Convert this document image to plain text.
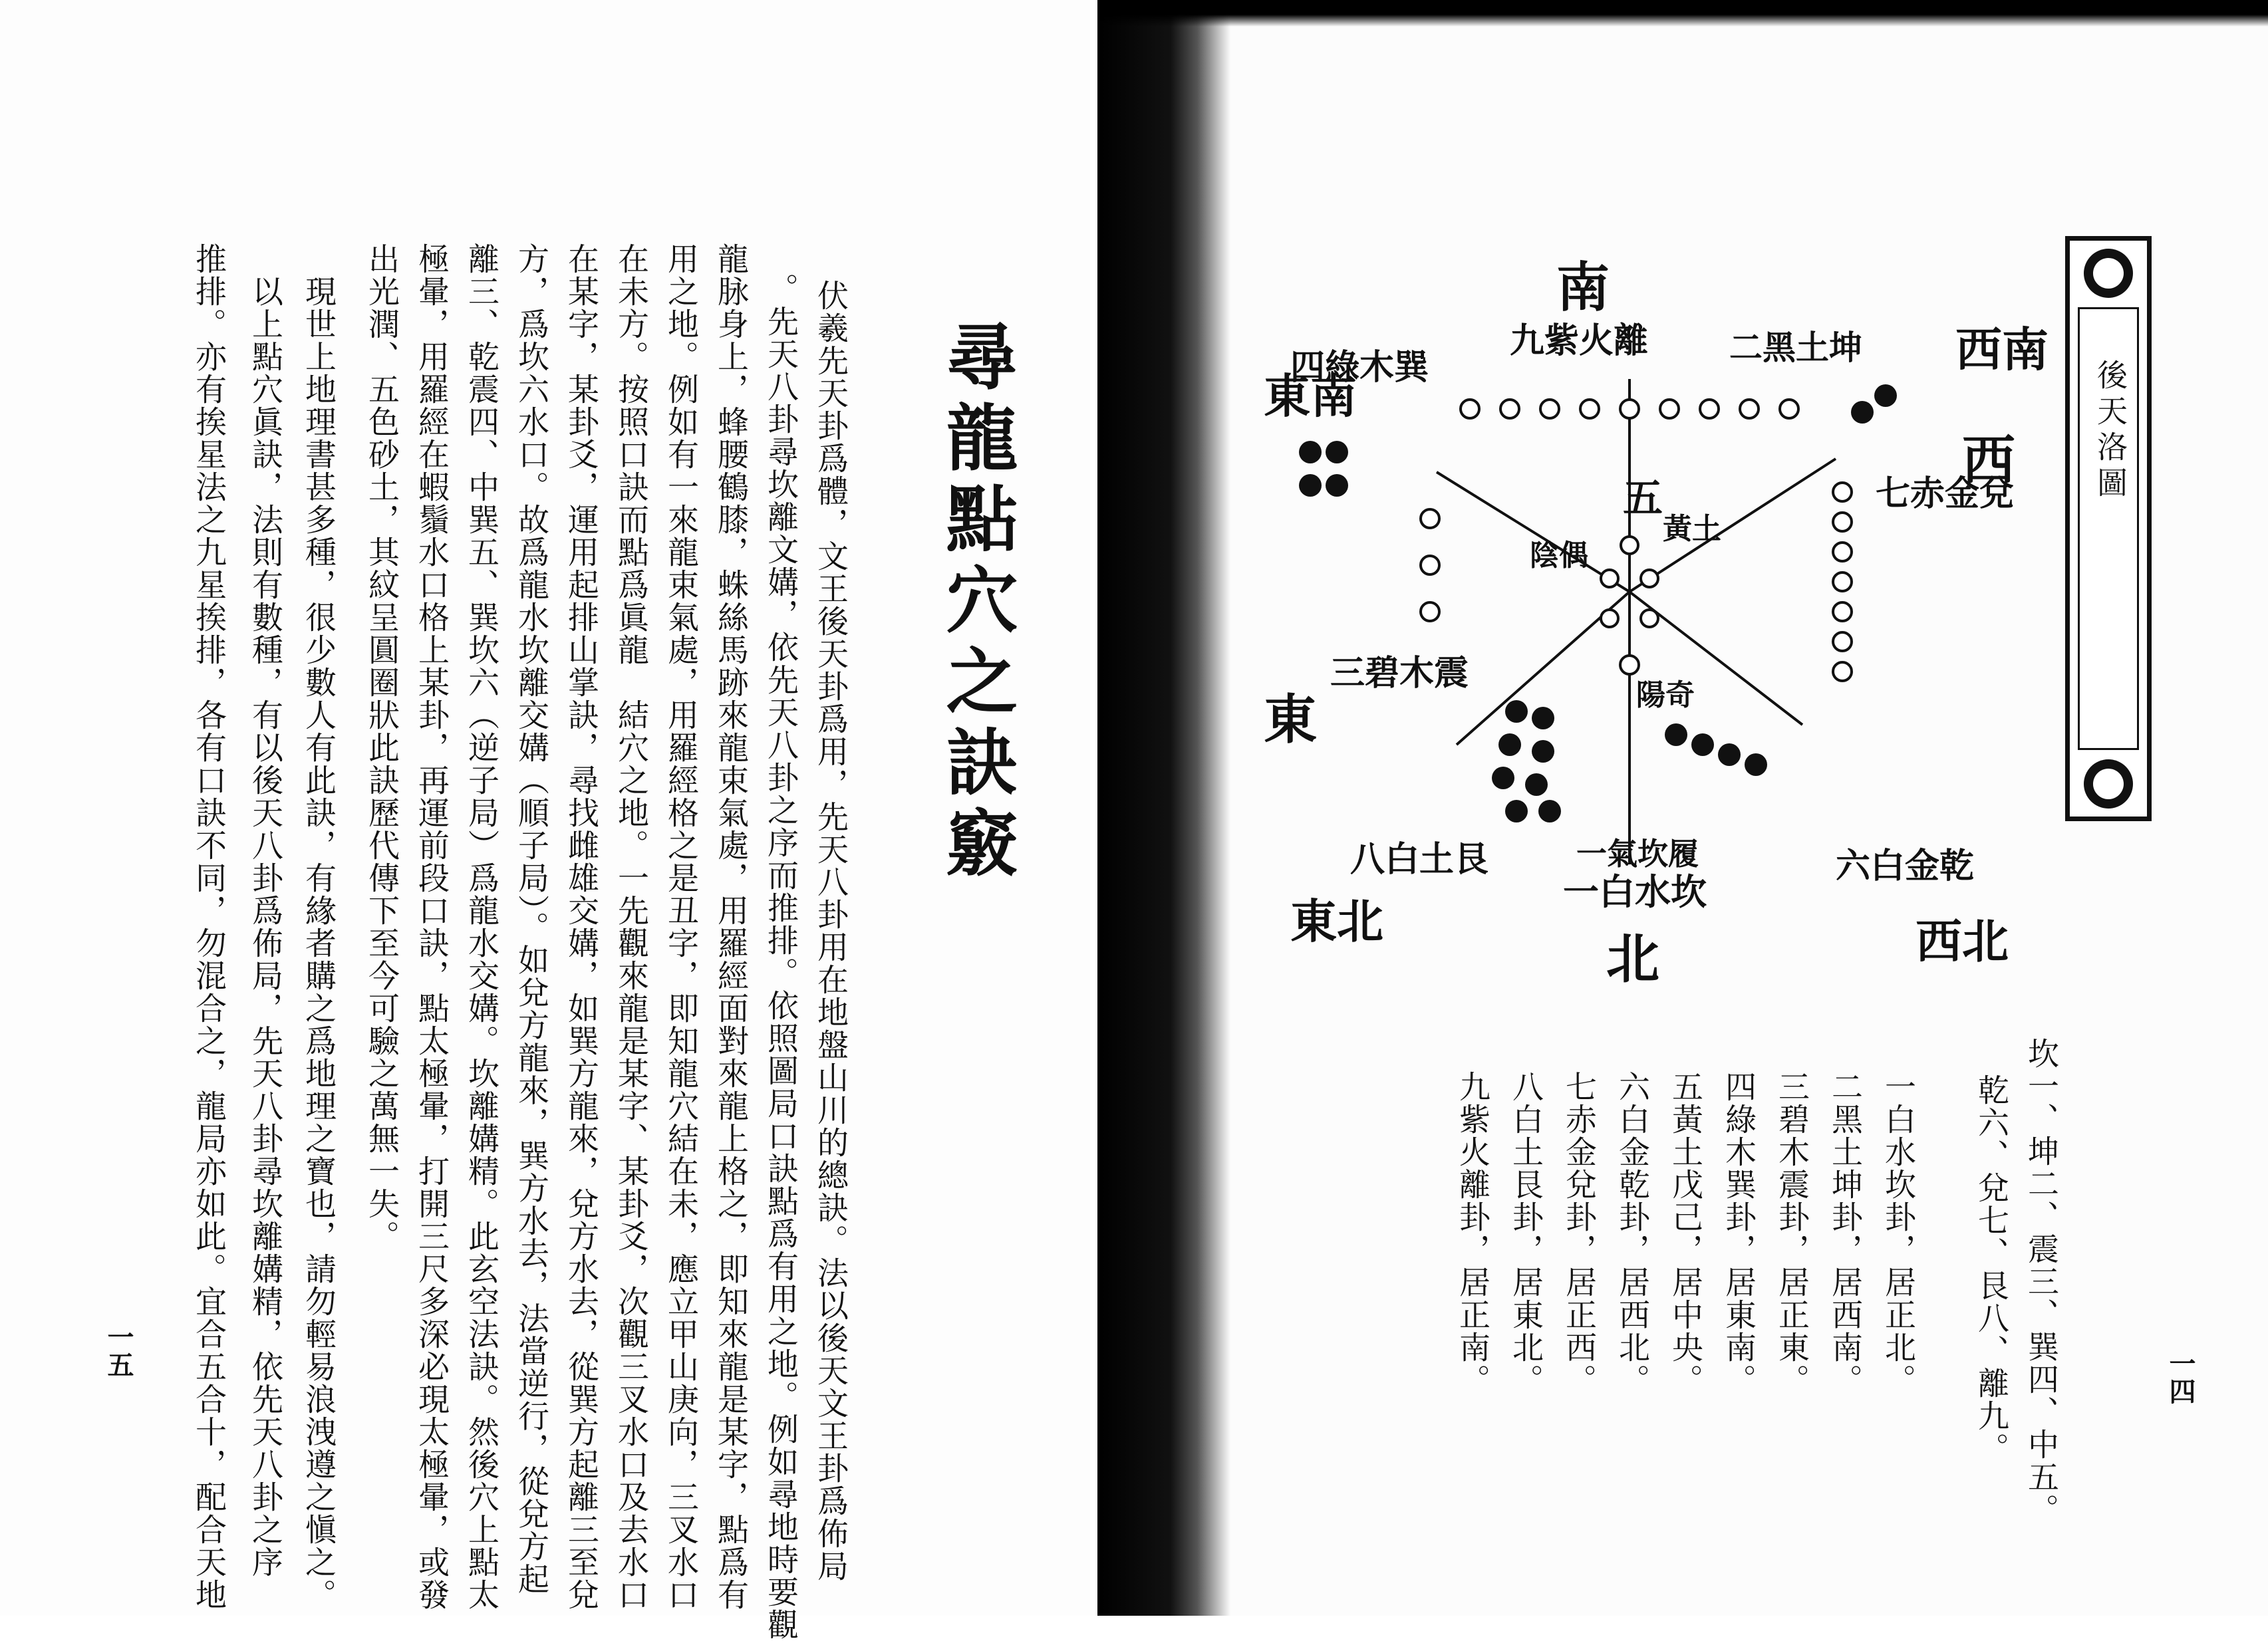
尋龍點穴之訣竅
伏羲先天卦爲體，文王後天卦爲用，先天八卦用在地盤山川的總訣。法以後天文王卦爲佈局
。先天八卦尋坎離文媾，依先天八卦之序而推排。依照圖局口訣點爲有用之地。例如尋地時要觀
龍脉身上，蜂腰鶴膝，蛛絲馬跡來龍束氣處，用羅經面對來龍上格之，即知來龍是某字，點爲有
用之地。例如有一來龍束氣處，用羅經格之是丑字，即知龍穴結在未，應立甲山庚向，三叉水口
在未方。按照口訣而點爲眞龍　結穴之地。一先觀來龍是某字、某卦爻，次觀三叉水口及去水口
在某字，某卦爻，運用起排山掌訣，尋找雌雄交媾，如巽方龍來，兌方水去，從巽方起離三至兌
方，爲坎六水口。故爲龍水坎離交媾（順子局）。如兌方龍來，巽方水去，法當逆行，從兌方起
離三、乾震四、中巽五、巽坎六（逆子局）爲龍水交媾。坎離媾精。此玄空法訣。然後穴上點太
極暈，用羅經在蝦鬚水口格上某卦，再運前段口訣，點太極暈，打開三尺多深必現太極暈，或發
出光潤、五色砂土，其紋呈圓圈狀此訣歷代傳下至今可驗之萬無一失。
　現世上地理書甚多種，很少數人有此訣，有緣者購之爲地理之寶也，請勿輕易浪洩遵之愼之。
　以上點穴眞訣，法則有數種，有以後天八卦爲佈局，先天八卦尋坎離媾精，依先天八卦之序
推排。亦有挨星法之九星挨排，各有口訣不同，勿混合之，龍局亦如此。宜合五合十，配合天地
一五
後天洛圖
西南
二黑土坤
西
七赤金兌
西北
六白金乾
北
一白水坎
一氣坎履
東北
八白土艮
東
三碧木震
東南
四綠木巽
南
九紫火離
五
黃土
陽奇
陰偶
坎一、坤二、震三、巽四、中五。
乾六、兌七、艮八、離九。
一白水坎卦，居正北。
二黑土坤卦，居西南。
三碧木震卦，居正東。
四綠木巽卦，居東南。
五黃土戊己，居中央。
六白金乾卦，居西北。
七赤金兌卦，居正西。
八白土艮卦，居東北。
九紫火離卦，居正南。	一四
